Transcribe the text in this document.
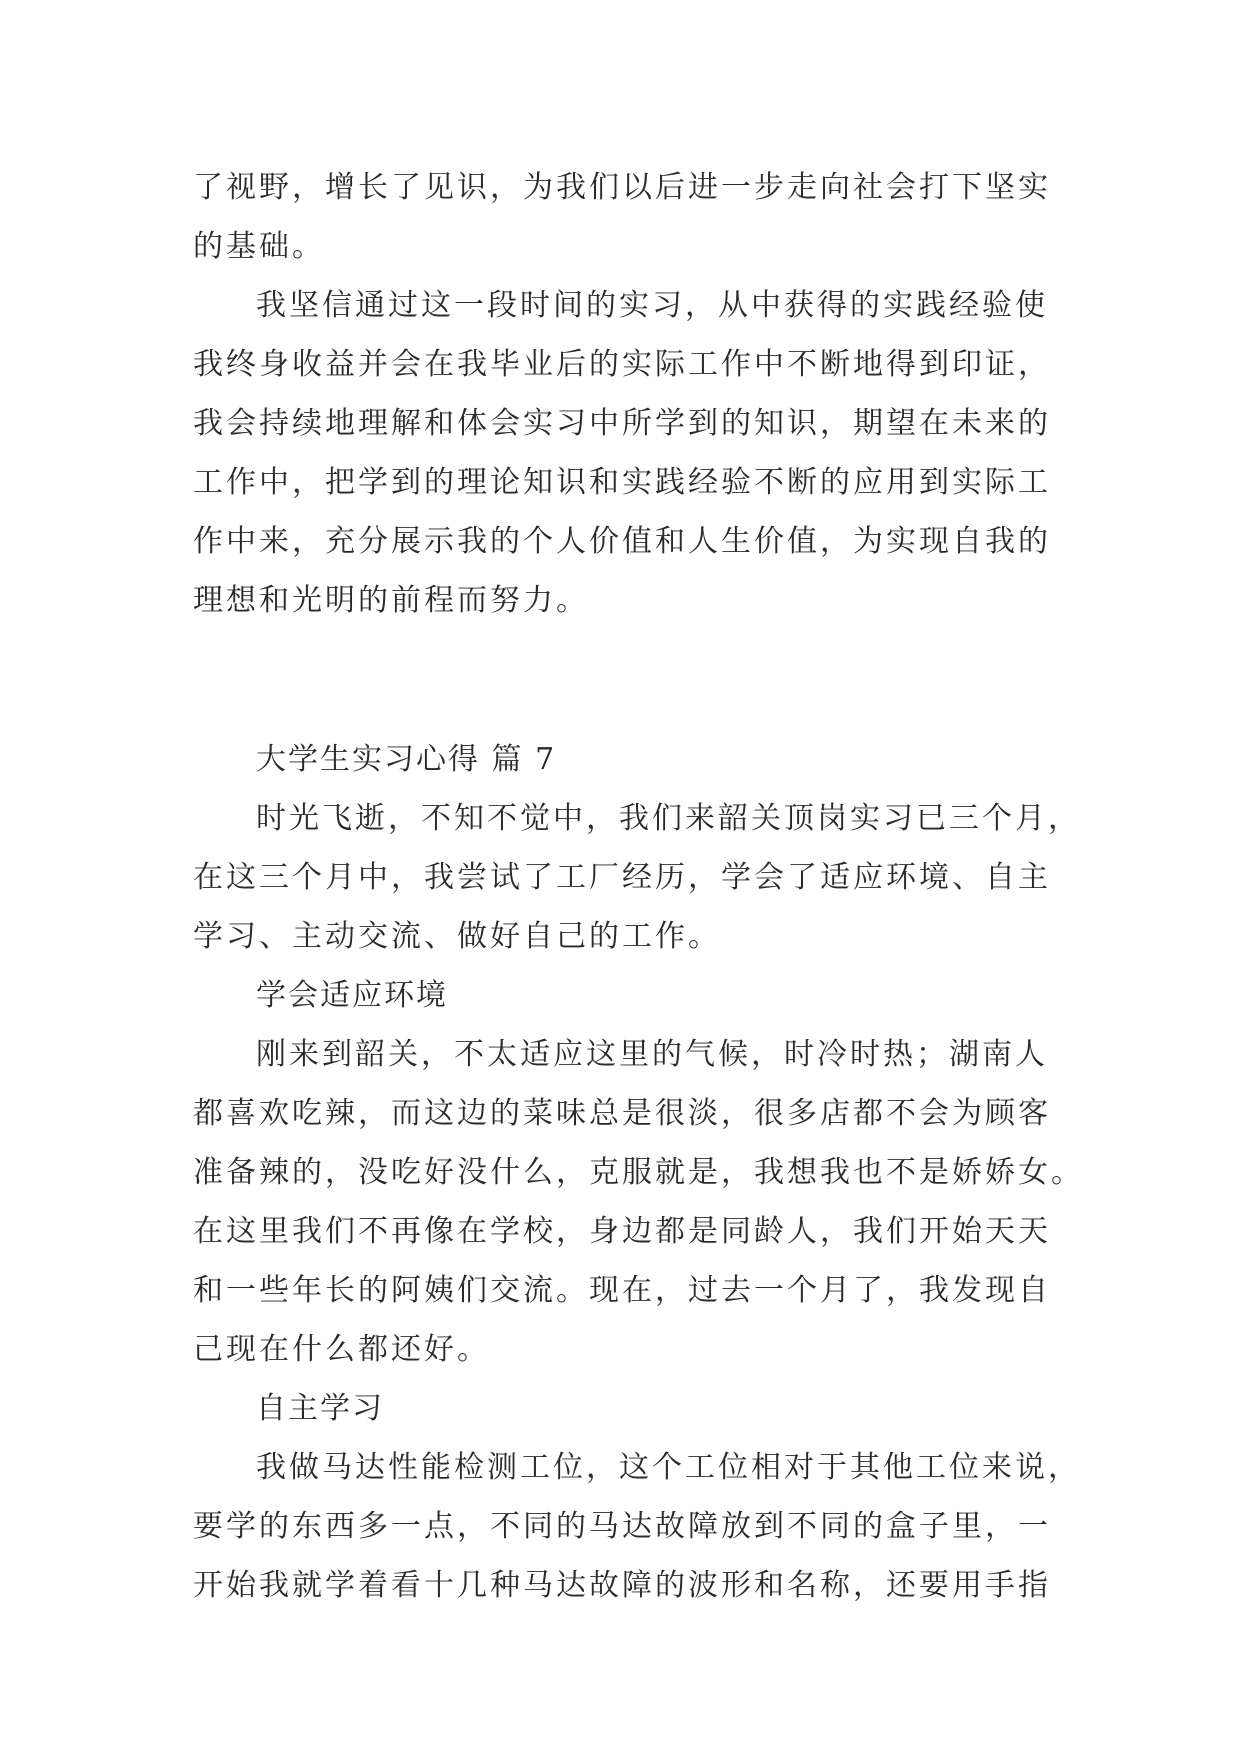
了视野，增长了见识，为我们以后进一步走向社会打下坚实
的基础。
我坚信通过这一段时间的实习，从中获得的实践经验使
我终身收益并会在我毕业后的实际工作中不断地得到印证，
我会持续地理解和体会实习中所学到的知识，期望在未来的
工作中，把学到的理论知识和实践经验不断的应用到实际工
作中来，充分展示我的个人价值和人生价值，为实现自我的
理想和光明的前程而努力。
大学生实习心得 篇 7
时光飞逝，不知不觉中，我们来韶关顶岗实习已三个月，
在这三个月中，我尝试了工厂经历，学会了适应环境、自主
学习、主动交流、做好自己的工作。
学会适应环境
刚来到韶关，不太适应这里的气候，时冷时热；湖南人
都喜欢吃辣，而这边的菜味总是很淡，很多店都不会为顾客
准备辣的，没吃好没什么，克服就是，我想我也不是娇娇女。
在这里我们不再像在学校，身边都是同龄人，我们开始天天
和一些年长的阿姨们交流。现在，过去一个月了，我发现自
己现在什么都还好。
自主学习
我做马达性能检测工位，这个工位相对于其他工位来说，
要学的东西多一点，不同的马达故障放到不同的盒子里，一
开始我就学着看十几种马达故障的波形和名称，还要用手指
